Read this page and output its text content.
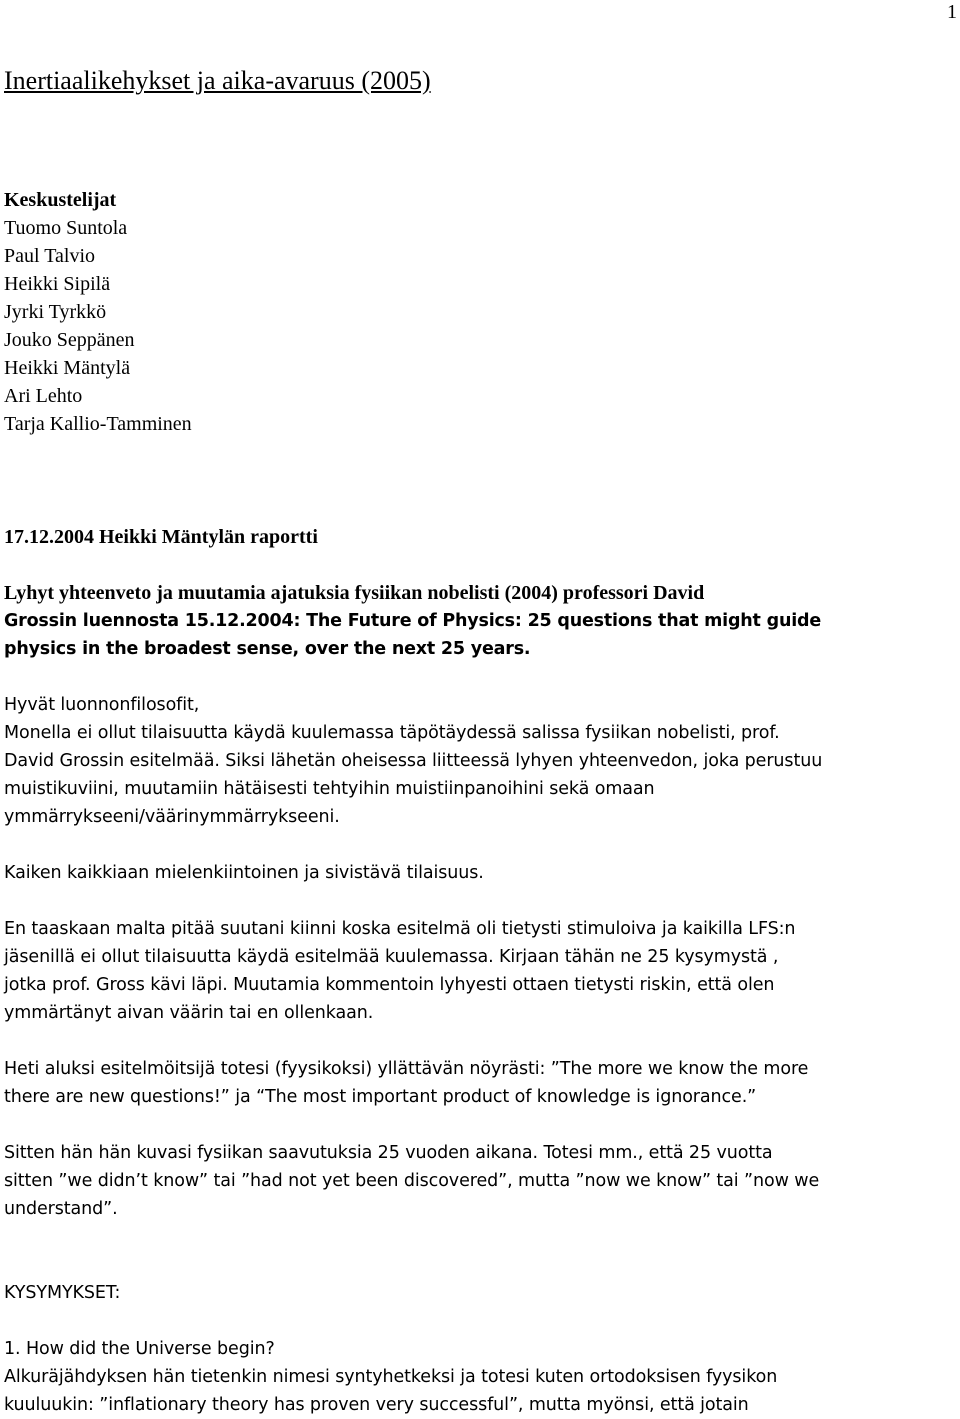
1
Inertiaalikehykset ja aika-avaruus (2005)
Keskustelijat
Tuomo Suntola
Paul Talvio
Heikki Sipilä
Jyrki Tyrkkö
Jouko Seppänen
Heikki Mäntylä
Ari Lehto
Tarja Kallio-Tamminen
17.12.2004 Heikki Mäntylän raportti
Lyhyt yhteenveto ja muutamia ajatuksia fysiikan nobelisti (2004) professori David
Grossin luennosta 15.12.2004: The Future of Physics: 25 questions that might guide
physics in the broadest sense, over the next 25 years.
Hyvät luonnonfilosofit,
Monella ei ollut tilaisuutta käydä kuulemassa täpötäydessä salissa fysiikan nobelisti, prof.
David Grossin esitelmää. Siksi lähetän oheisessa liitteessä lyhyen yhteenvedon, joka perustuu
muistikuviini, muutamiin hätäisesti tehtyihin muistiinpanoihini sekä omaan
ymmärrykseeni/väärinymmärrykseeni.
Kaiken kaikkiaan mielenkiintoinen ja sivistävä tilaisuus.
En taaskaan malta pitää suutani kiinni koska esitelmä oli tietysti stimuloiva ja kaikilla LFS:n
jäsenillä ei ollut tilaisuutta käydä esitelmää kuulemassa. Kirjaan tähän ne 25 kysymystä ,
jotka prof. Gross kävi läpi. Muutamia kommentoin lyhyesti ottaen tietysti riskin, että olen
ymmärtänyt aivan väärin tai en ollenkaan.
Heti aluksi esitelmöitsijä totesi (fyysikoksi) yllättävän nöyrästi: ”The more we know the more
there are new questions!” ja “The most important product of knowledge is ignorance.”
Sitten hän hän kuvasi fysiikan saavutuksia 25 vuoden aikana. Totesi mm., että 25 vuotta
sitten ”we didn’t know” tai ”had not yet been discovered”, mutta ”now we know” tai ”now we
understand”.
KYSYMYKSET:
1. How did the Universe begin?
Alkuräjähdyksen hän tietenkin nimesi syntyhetkeksi ja totesi kuten ortodoksisen fyysikon
kuuluukin: ”inflationary theory has proven very successful”, mutta myönsi, että jotain
